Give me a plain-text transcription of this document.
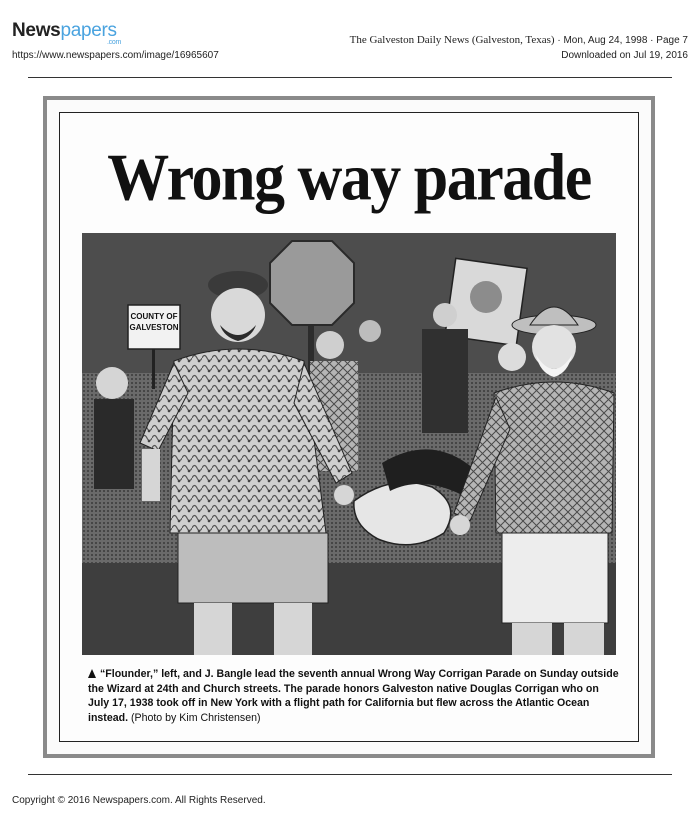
Newspapers
.com
https://www.newspapers.com/image/16965607
The Galveston Daily News (Galveston, Texas) · Mon, Aug 24, 1998 · Page 7
Downloaded on Jul 19, 2016
Wrong way parade
COUNTY OF
GALVESTON
“Flounder,” left, and J. Bangle lead the seventh annual Wrong Way Corrigan Parade on Sunday outside the Wizard at 24th and Church streets. The parade honors Galveston native Douglas Corrigan who on July 17, 1938 took off in New York with a flight path for California but flew across the Atlantic Ocean instead. (Photo by Kim Christensen)
Copyright © 2016 Newspapers.com. All Rights Reserved.
